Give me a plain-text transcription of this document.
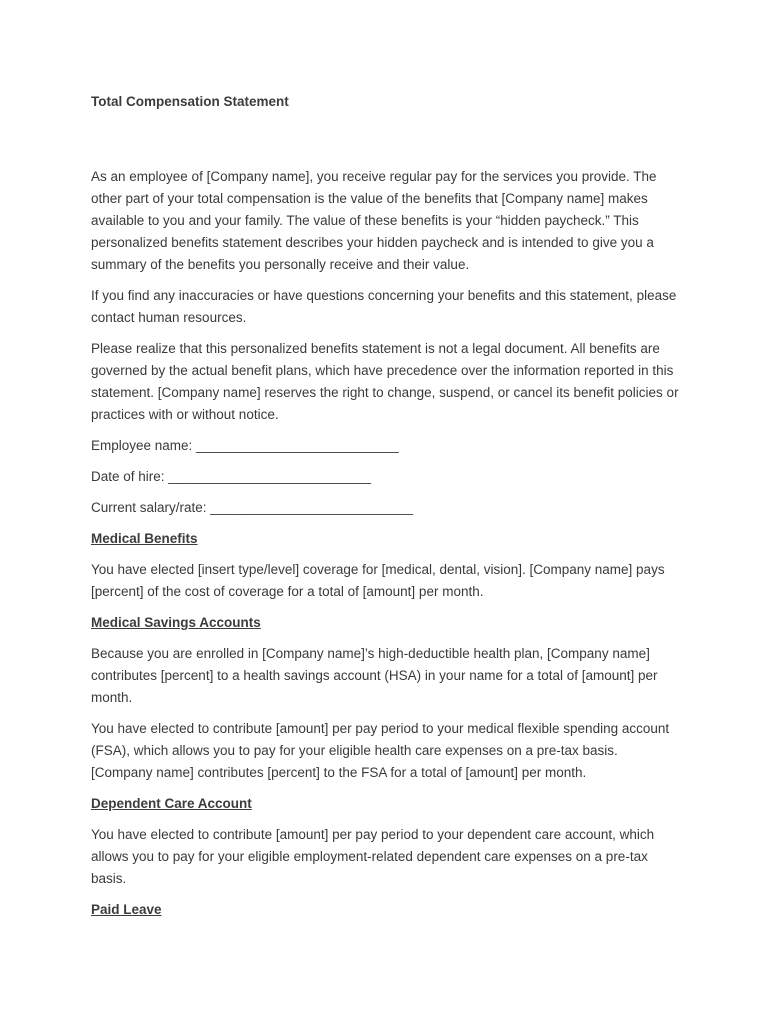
Total Compensation Statement

As an employee of [Company name], you receive regular pay for the services you provide. The other part of your total compensation is the value of the benefits that [Company name] makes available to you and your family. The value of these benefits is your “hidden paycheck.” This personalized benefits statement describes your hidden paycheck and is intended to give you a summary of the benefits you personally receive and their value.

If you find any inaccuracies or have questions concerning your benefits and this statement, please contact human resources.

Please realize that this personalized benefits statement is not a legal document. All benefits are governed by the actual benefit plans, which have precedence over the information reported in this statement. [Company name] reserves the right to change, suspend, or cancel its benefit policies or practices with or without notice.

Employee name: ___________________________

Date of hire: ___________________________

Current salary/rate: ___________________________

Medical Benefits

You have elected [insert type/level] coverage for [medical, dental, vision]. [Company name] pays [percent] of the cost of coverage for a total of [amount] per month.

Medical Savings Accounts

Because you are enrolled in [Company name]’s high-deductible health plan, [Company name] contributes [percent] to a health savings account (HSA) in your name for a total of [amount] per month.

You have elected to contribute [amount] per pay period to your medical flexible spending account (FSA), which allows you to pay for your eligible health care expenses on a pre-tax basis. [Company name] contributes [percent] to the FSA for a total of [amount] per month.

Dependent Care Account

You have elected to contribute [amount] per pay period to your dependent care account, which allows you to pay for your eligible employment-related dependent care expenses on a pre-tax basis.

Paid Leave
